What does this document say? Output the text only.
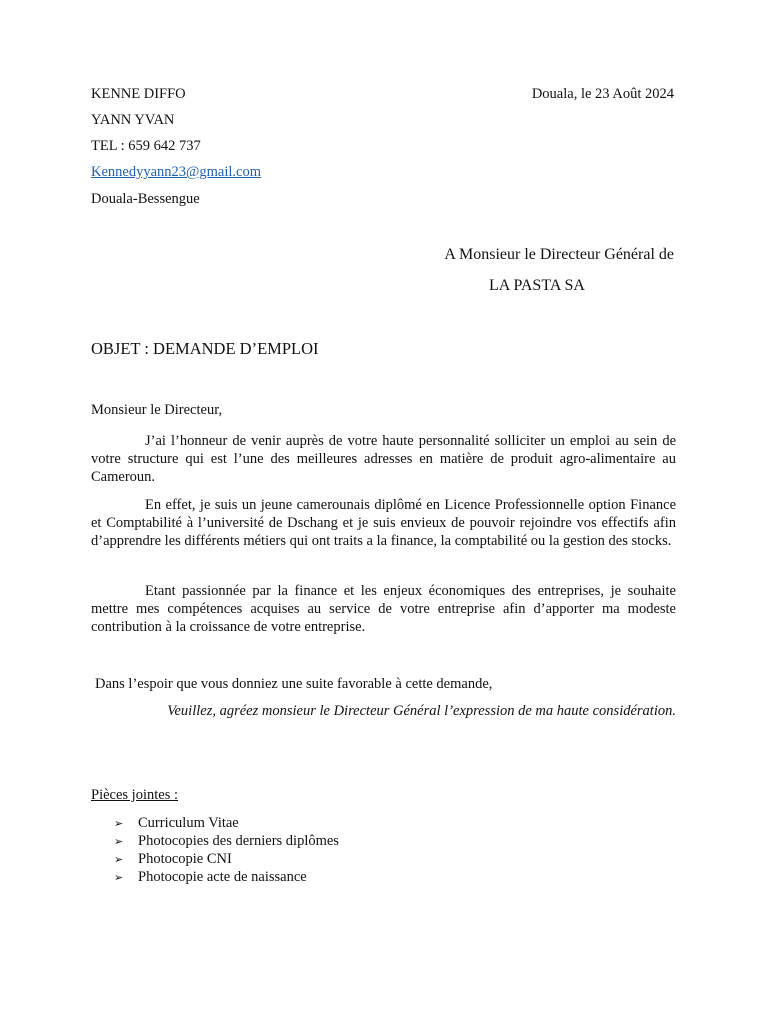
KENNE DIFFO
YANN YVAN
TEL : 659 642 737
Kennedyyann23@gmail.com
Douala-Bessengue
Douala, le 23 Août 2024
A Monsieur le Directeur Général de
LA PASTA SA
OBJET : DEMANDE D’EMPLOI
Monsieur le Directeur,
J’ai l’honneur de venir auprès de votre haute personnalité solliciter un emploi au sein de votre structure qui est l’une des meilleures adresses en matière de produit agro-alimentaire au Cameroun.
En effet, je suis un jeune camerounais diplômé en Licence Professionnelle option Finance et Comptabilité à l’université de Dschang et je suis envieux de pouvoir rejoindre vos effectifs afin d’apprendre les différents métiers qui ont traits a la finance, la comptabilité ou la gestion des stocks.
Etant passionnée par la finance et les enjeux économiques des entreprises, je souhaite mettre mes compétences acquises au service de votre entreprise afin d’apporter ma modeste contribution à la croissance de votre entreprise.
Dans l’espoir que vous donniez une suite favorable à cette demande,
Veuillez, agréez monsieur le Directeur Général l’expression de ma haute considération.
Pièces jointes :
➢ Curriculum Vitae
➢ Photocopies des derniers diplômes
➢ Photocopie CNI
➢ Photocopie acte de naissance
